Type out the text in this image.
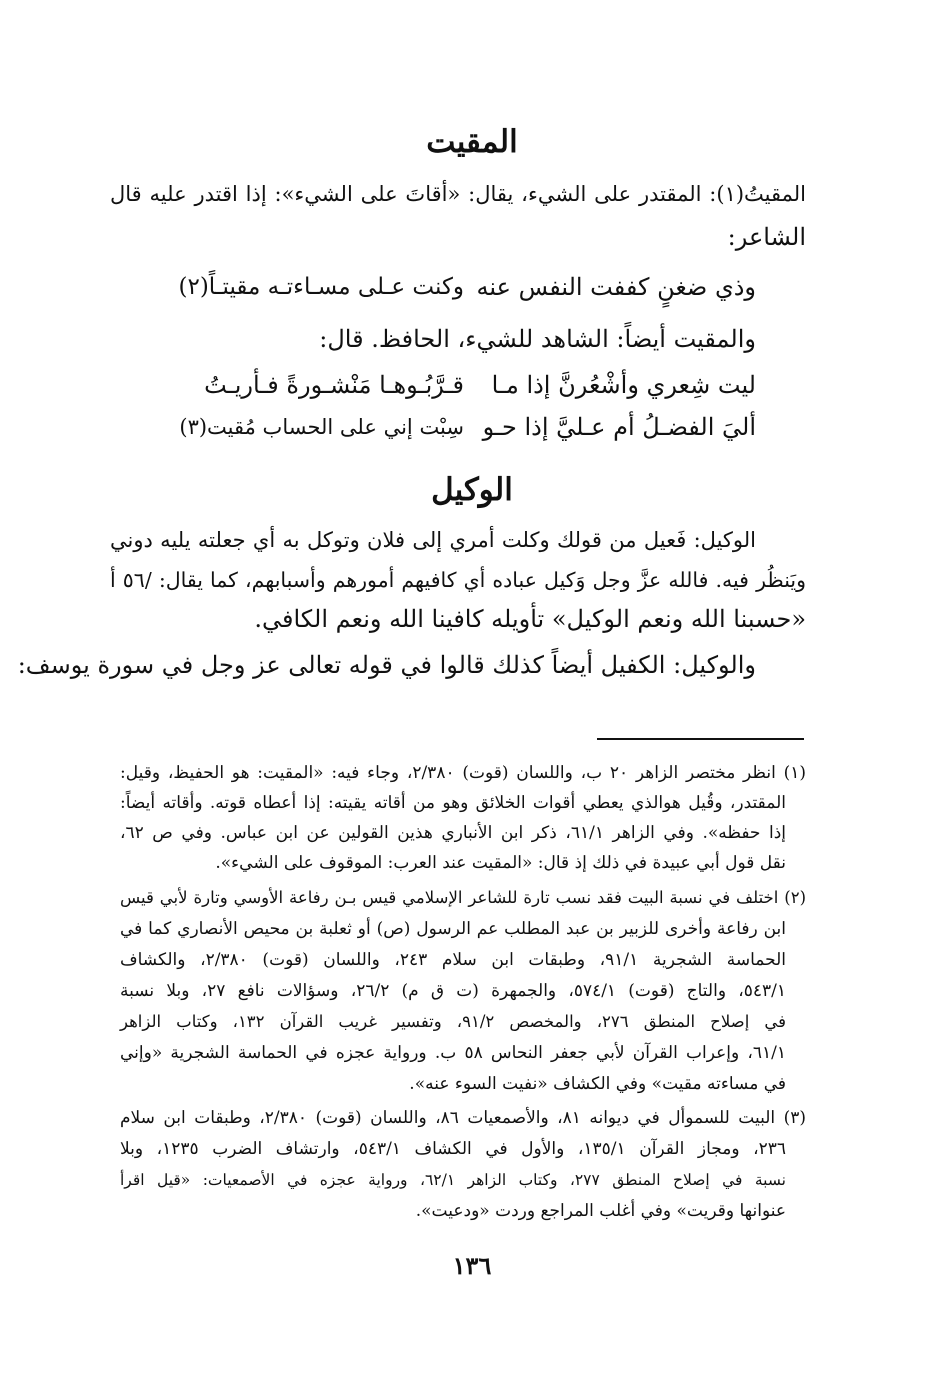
المقيت
المقيتُ(١): المقتدر على الشيء، يقال: «أقاتَ على الشيء»: إذا اقتدر عليه قال
الشاعر:
وذي ضغنٍ كففت النفس عنه
وكنت عـلى مسـاءتـه مقيتـاً(٢)
والمقيت أيضاً: الشاهد للشيء، الحافظ. قال:
ليت شِعري وأشْعُرنَّ إذا مـا
قـرَّبُـوهـا مَنْشـورةً فـأريـتُ
أليَ الفضـلُ أم عـليَّ إذا حـو
سِبْت إني على الحساب مُقيت(٣)
الوكيل
الوكيل: فَعيل من قولك وكلت أمري إلى فلان وتوكل به أي جعلته يليه دوني
ويَنظُر فيه. فالله عزَّ وجل وَكيل عباده أي كافيهم أمورهم وأسبابهم، كما يقال: /٥٦ أ
«حسبنا الله ونعم الوكيل» تأويله كافينا الله ونعم الكافي.
والوكيل: الكفيل أيضاً كذلك قالوا في قوله تعالى عز وجل في سورة يوسف:
(١) انظر مختصر الزاهر ٢٠ ب، واللسان (قوت) ٢/٣٨٠، وجاء فيه: «المقيت: هو الحفيظ، وقيل:
المقتدر، وقُيل هوالذي يعطي أقوات الخلائق وهو من أقاته يقيته: إذا أعطاه قوته. وأقاته أيضاً:
إذا حفظه». وفي الزاهر ٦١/١، ذكر ابن الأنباري هذين القولين عن ابن عباس. وفي ص ٦٢،
نقل قول أبي عبيدة في ذلك إذ قال: «المقيت عند العرب: الموقوف على الشيء».
(٢) اختلف في نسبة البيت فقد نسب تارة للشاعر الإسلامي قيس بـن رفاعة الأوسي وتارة لأبي قيس
ابن رفاعة وأخرى للزبير بن عبد المطلب عم الرسول (ص) أو ثعلبة بن محيص الأنصاري كما في
الحماسة الشجرية ٩١/١، وطبقات ابن سلام ٢٤٣، واللسان (قوت) ٢/٣٨٠، والكشاف
٥٤٣/١، والتاج (قوت) ٥٧٤/١، والجمهرة (ت ق م) ٢٦/٢، وسؤالات نافع ٢٧، وبلا نسبة
في إصلاح المنطق ٢٧٦، والمخصص ٩١/٢، وتفسير غريب القرآن ١٣٢، وكتاب الزاهر
٦١/١، وإعراب القرآن لأبي جعفر النحاس ٥٨ ب. ورواية عجزه في الحماسة الشجرية «وإني
في مساءته مقيت» وفي الكشاف «نفيت السوء عنه».
(٣) البيت للسموأل في ديوانه ٨١، والأصمعيات ٨٦، واللسان (قوت) ٢/٣٨٠، وطبقات ابن سلام
٢٣٦، ومجاز القرآن ١٣٥/١، والأول في الكشاف ٥٤٣/١، وارتشاف الضرب ١٢٣٥، وبلا
نسبة في إصلاح المنطق ٢٧٧، وكتاب الزاهر ٦٢/١، ورواية عجزه في الأصمعيات: «قيل اقرأ
عنوانها وقريت» وفي أغلب المراجع وردت «ودعيت».
١٣٦
